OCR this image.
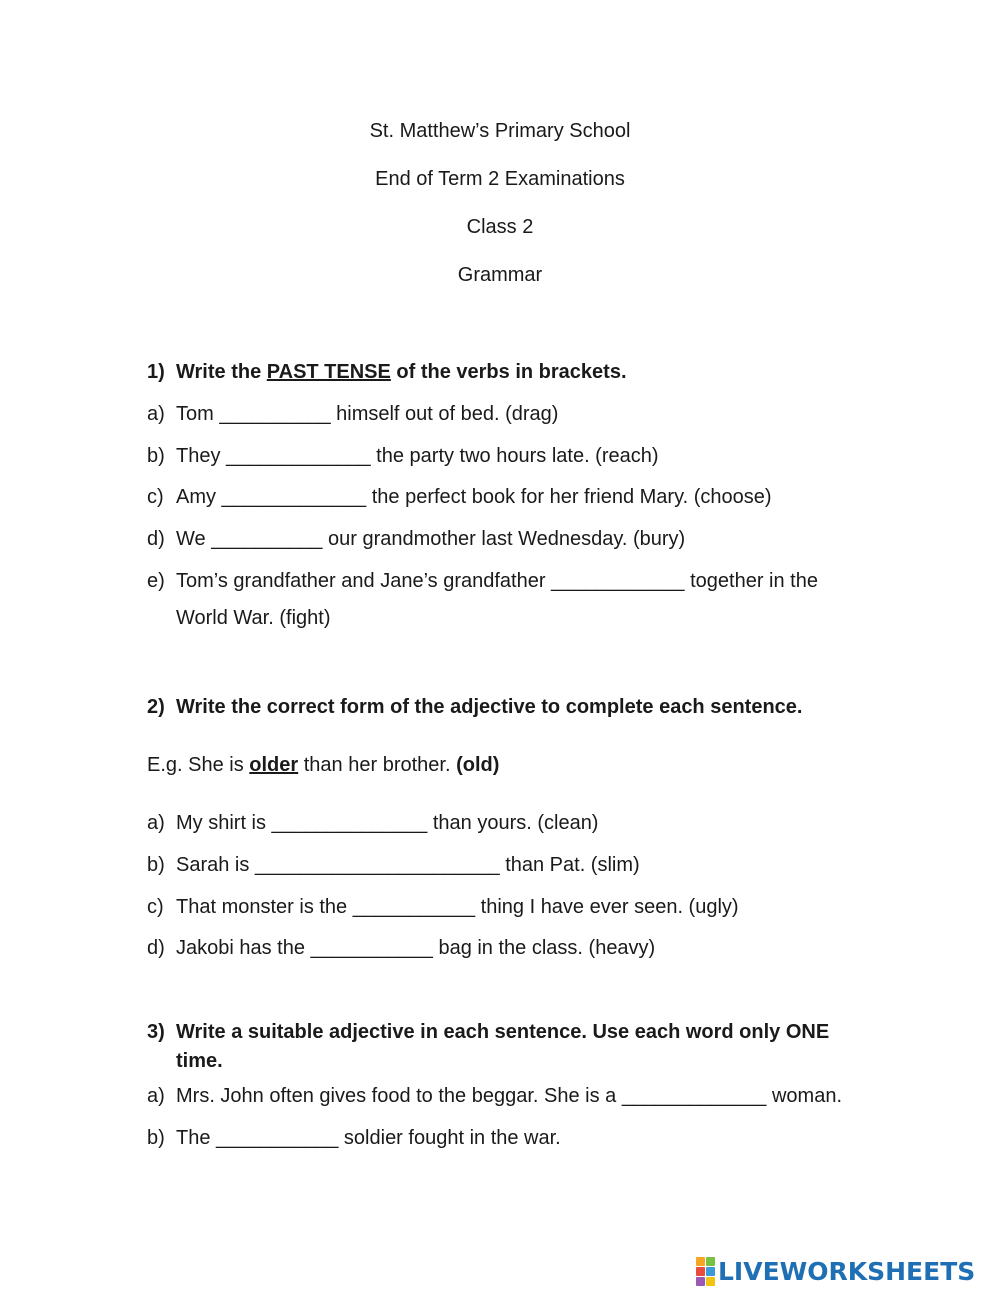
St. Matthew’s Primary School
End of Term 2 Examinations
Class 2
Grammar
1) Write the PAST TENSE of the verbs in brackets.
a) Tom __________ himself out of bed. (drag)
b) They _____________ the party two hours late. (reach)
c) Amy _____________ the perfect book for her friend Mary. (choose)
d) We __________ our grandmother last Wednesday. (bury)
e) Tom’s grandfather and Jane’s grandfather ____________ together in the
World War. (fight)
2) Write the correct form of the adjective to complete each sentence.
E.g. She is older than her brother. (old)
a) My shirt is ______________ than yours. (clean)
b) Sarah is ______________________ than Pat. (slim)
c) That monster is the ___________ thing I have ever seen. (ugly)
d) Jakobi has the ___________ bag in the class. (heavy)
3) Write a suitable adjective in each sentence. Use each word only ONE
time.
a) Mrs. John often gives food to the beggar. She is a _____________ woman.
b) The ___________ soldier fought in the war.
LIVEWORKSHEETS
